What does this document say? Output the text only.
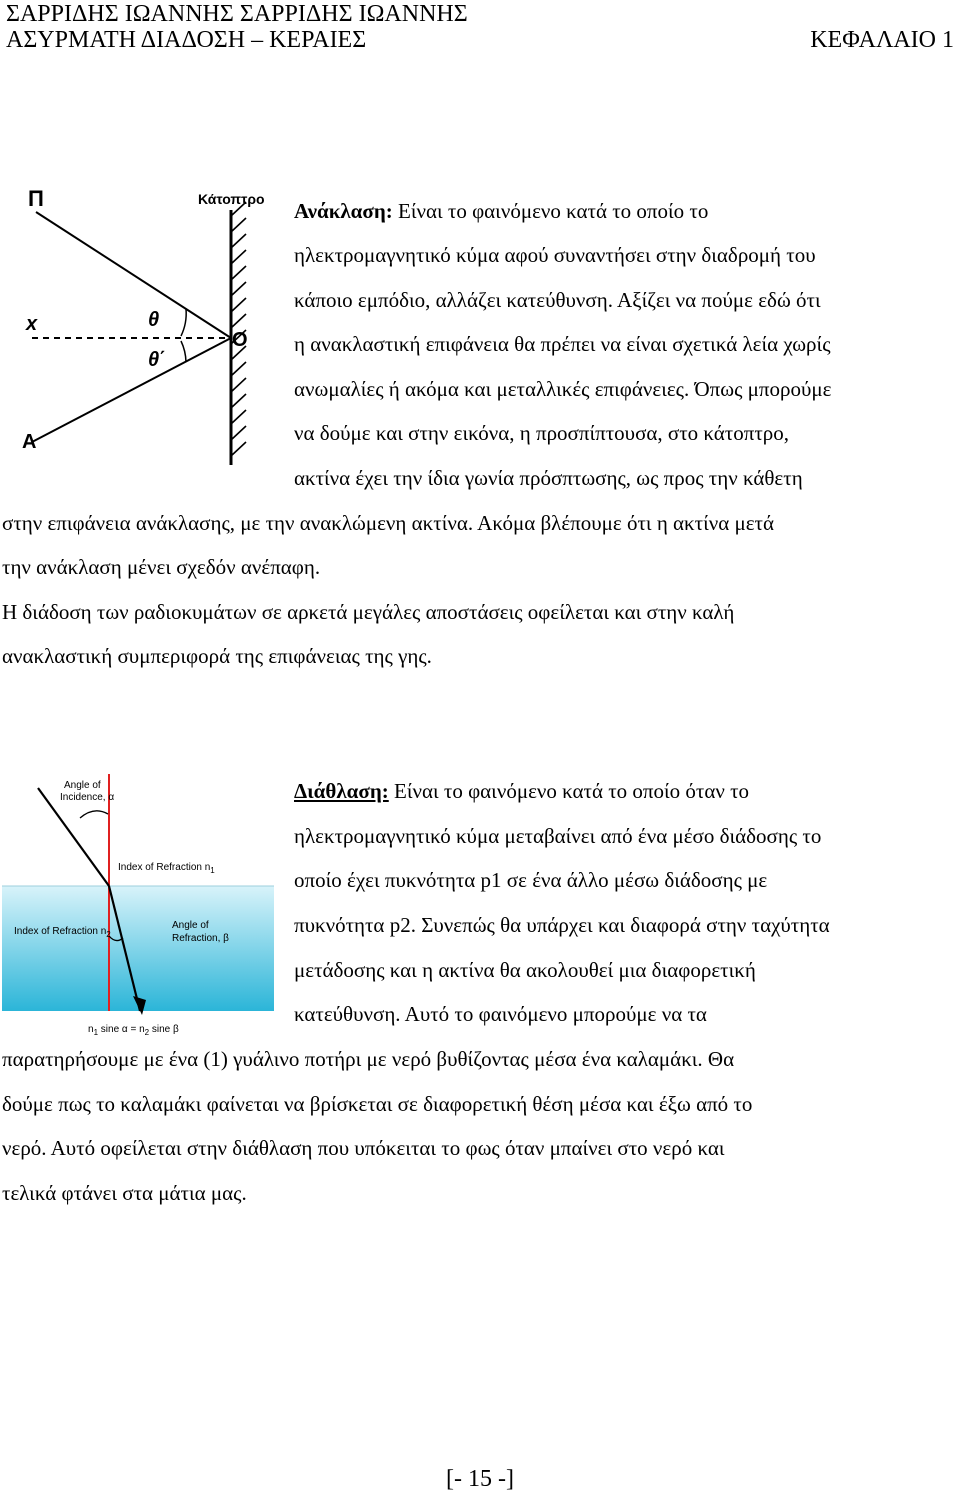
ΣΑΡΡΙΔΗΣ ΙΩΑΝΝΗΣ ΣΑΡΡΙΔΗΣ ΙΩΑΝΝΗΣ
ΑΣΥΡΜΑΤΗ ΔΙΑΔΟΣΗ – ΚΕΡΑΙΕΣ	ΚΕΦΑΛΑΙΟ 1
Π	Κάτοπτρο
x	θ
θ΄
O
A
Ανάκλαση: Είναι το φαινόμενο κατά το οποίο το
ηλεκτρομαγνητικό κύμα αφού συναντήσει στην διαδρομή του
κάποιο εμπόδιο, αλλάζει κατεύθυνση. Αξίζει να πούμε εδώ ότι
η ανακλαστική επιφάνεια θα πρέπει να είναι σχετικά λεία χωρίς
ανωμαλίες ή ακόμα και μεταλλικές επιφάνειες. Όπως μπορούμε
να δούμε και στην εικόνα, η προσπίπτουσα, στο κάτοπτρο,
ακτίνα έχει την ίδια γωνία πρόσπτωσης, ως προς την κάθετη
στην επιφάνεια ανάκλασης, με την ανακλώμενη ακτίνα. Ακόμα βλέπουμε ότι η ακτίνα μετά
την ανάκλαση μένει σχεδόν ανέπαφη.
Η διάδοση των ραδιοκυμάτων σε αρκετά μεγάλες αποστάσεις οφείλεται και στην καλή
ανακλαστική συμπεριφορά της επιφάνειας της γης.
Angle of
Incidence, α
Index of Refraction $n_1$
Index of Refraction $n_2$
Angle of
Refraction, β
$n_1$ sine $\alpha = n_2$ sine β
Διάθλαση: Είναι το φαινόμενο κατά το οποίο όταν το
ηλεκτρομαγνητικό κύμα μεταβαίνει από ένα μέσο διάδοσης το
οποίο έχει πυκνότητα p1 σε ένα άλλο μέσω διάδοσης με
πυκνότητα p2. Συνεπώς θα υπάρχει και διαφορά στην ταχύτητα
μετάδοσης και η ακτίνα θα ακολουθεί μια διαφορετική
κατεύθυνση. Αυτό το φαινόμενο μπορούμε να τα
παρατηρήσουμε με ένα (1) γυάλινο ποτήρι με νερό βυθίζοντας μέσα ένα καλαμάκι. Θα
δούμε πως το καλαμάκι φαίνεται να βρίσκεται σε διαφορετική θέση μέσα και έξω από το
νερό. Αυτό οφείλεται στην διάθλαση που υπόκειται το φως όταν μπαίνει στο νερό και
τελικά φτάνει στα μάτια μας.
[- 15 -]
